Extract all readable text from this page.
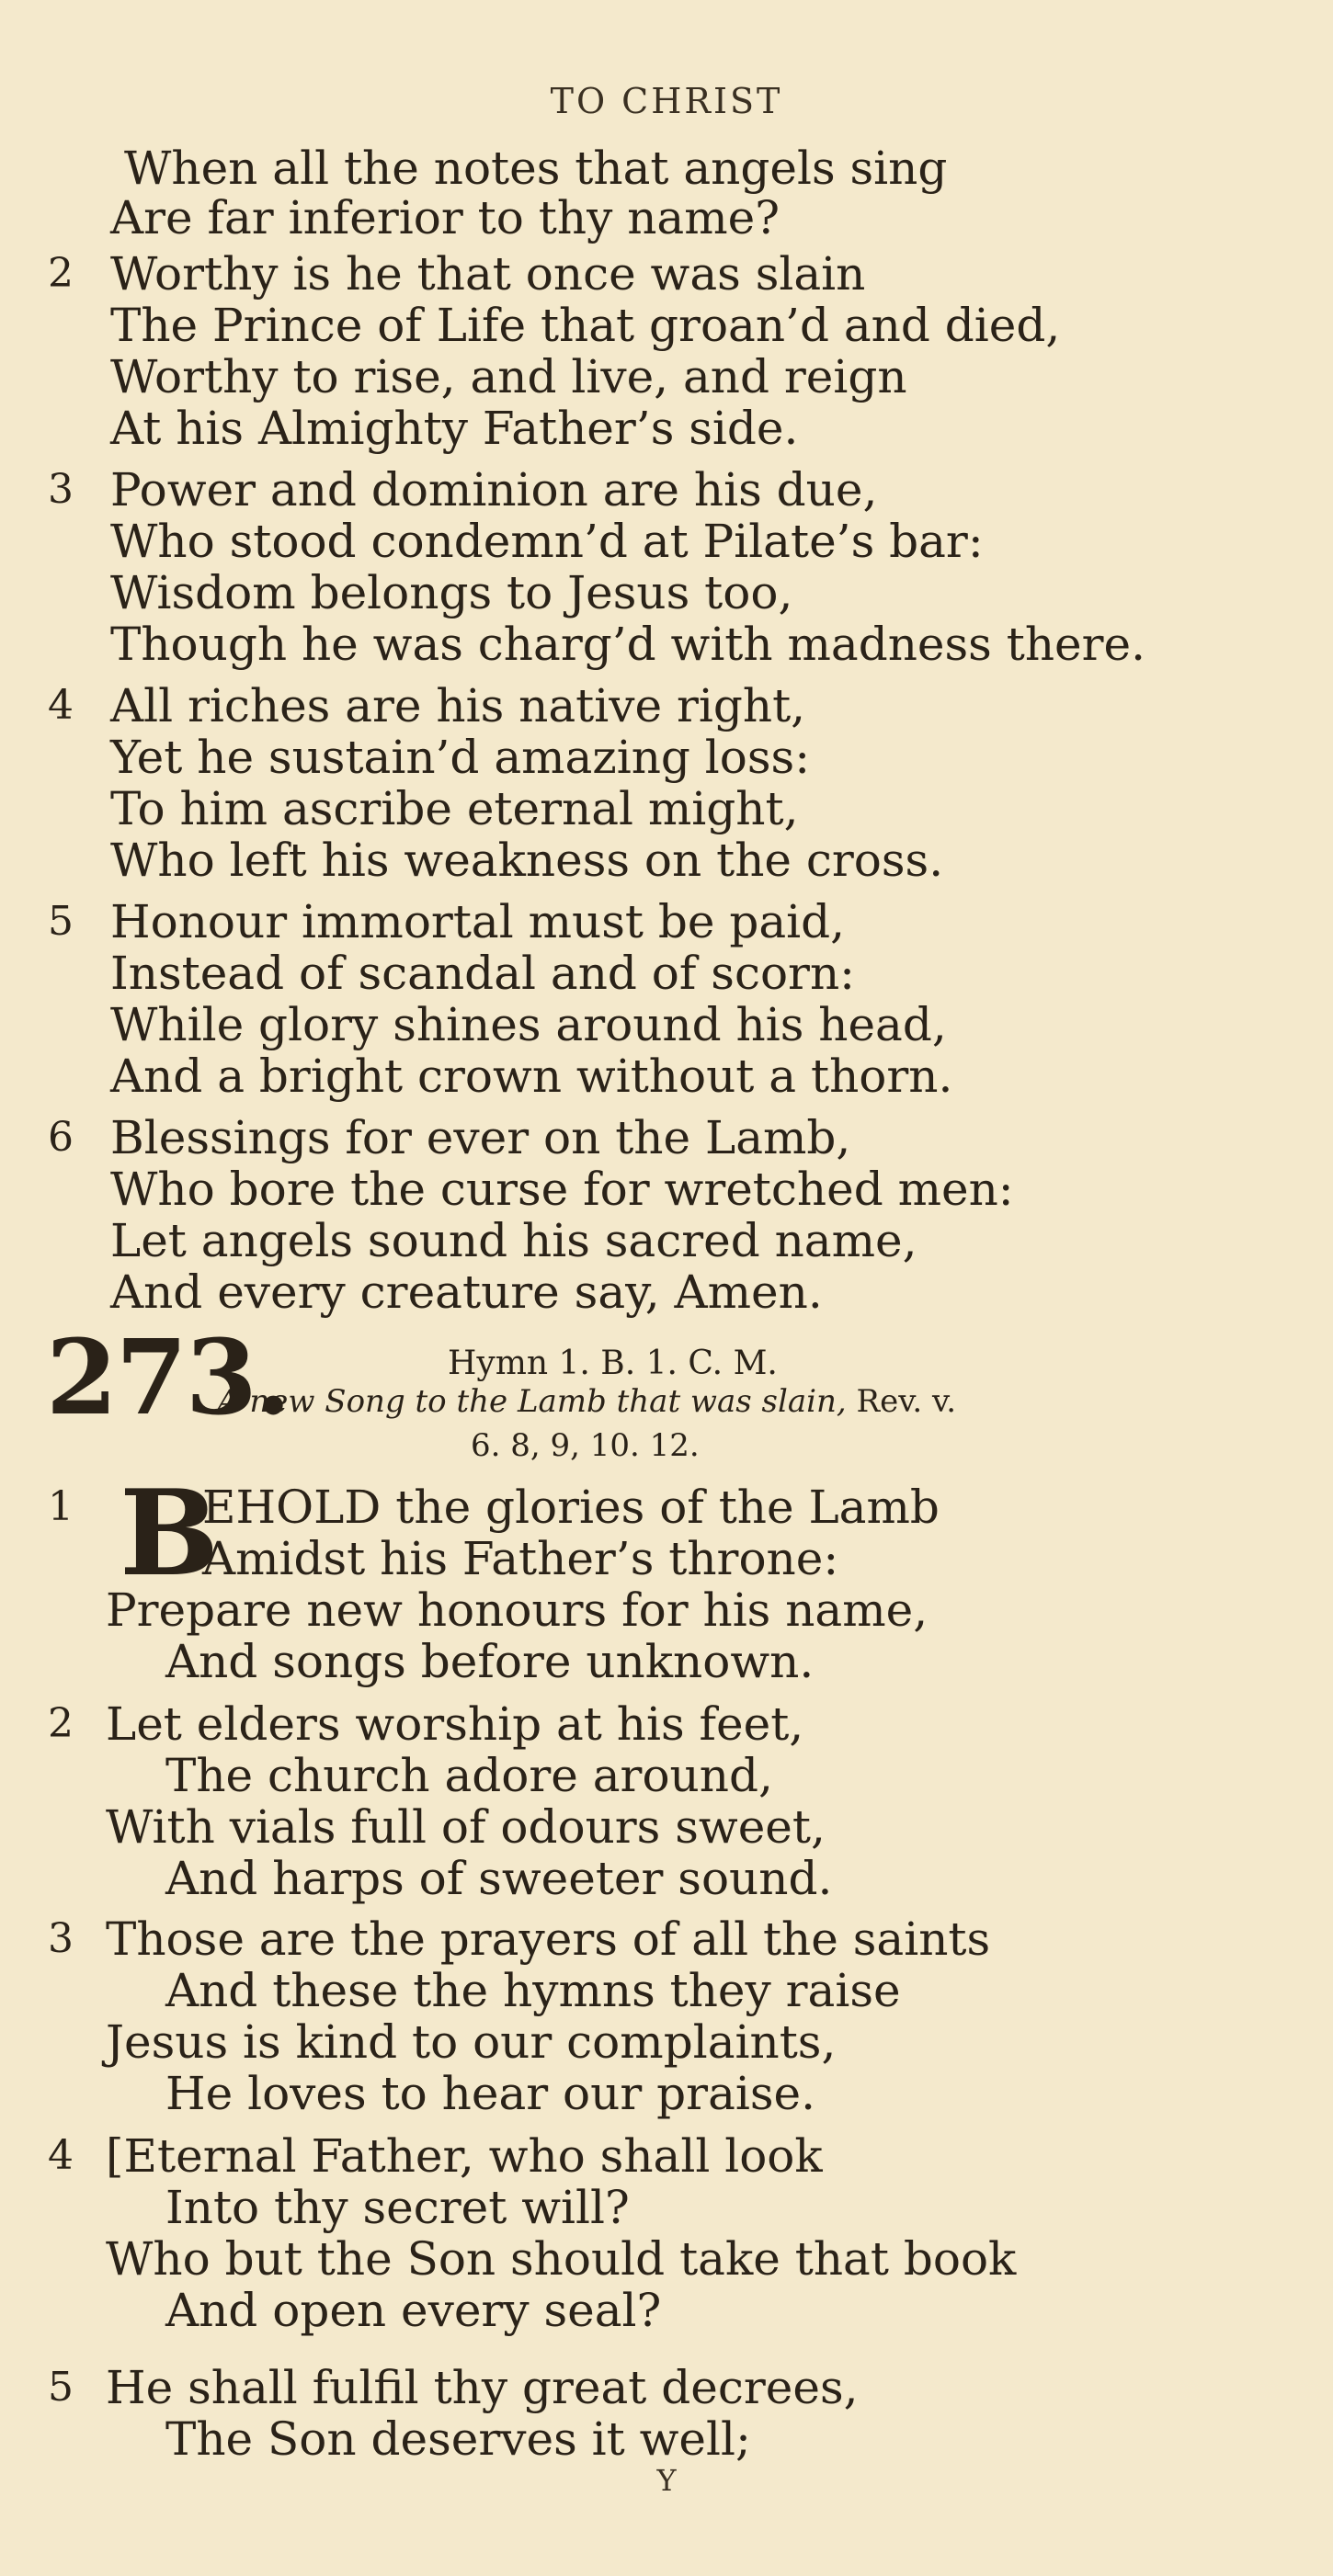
TO CHRIST
When all the notes that angels sing
Are far inferior to thy name?
2 Worthy is he that once was slain
The Prince of Life that groan’d and died,
Worthy to rise, and live, and reign
At his Almighty Father’s side.
3 Power and dominion are his due,
Who stood condemn’d at Pilate’s bar:
Wisdom belongs to Jesus too,
Though he was charg’d with madness there.
4 All riches are his native right,
Yet he sustain’d amazing loss:
To him ascribe eternal might,
Who left his weakness on the cross.
5 Honour immortal must be paid,
Instead of scandal and of scorn:
While glory shines around his head,
And a bright crown without a thorn.
6 Blessings for ever on the Lamb,
Who bore the curse for wretched men:
Let angels sound his sacred name,
And every creature say, Amen.
273.	Hymn 1. B. 1. C. M.
A new Song to the Lamb that was slain, Rev. v.
6. 8, 9, 10. 12.
1 B
EHOLD the glories of the Lamb
Amidst his Father’s throne:
Prepare new honours for his name,
And songs before unknown.
2 Let elders worship at his feet,
The church adore around,
With vials full of odours sweet,
And harps of sweeter sound.
3 Those are the prayers of all the saints
And these the hymns they raise
Jesus is kind to our complaints,
He loves to hear our praise.
4 [Eternal Father, who shall look
Into thy secret will?
Who but the Son should take that book
And open every seal?
5 He shall fulfil thy great decrees,
The Son deserves it well;
Y
